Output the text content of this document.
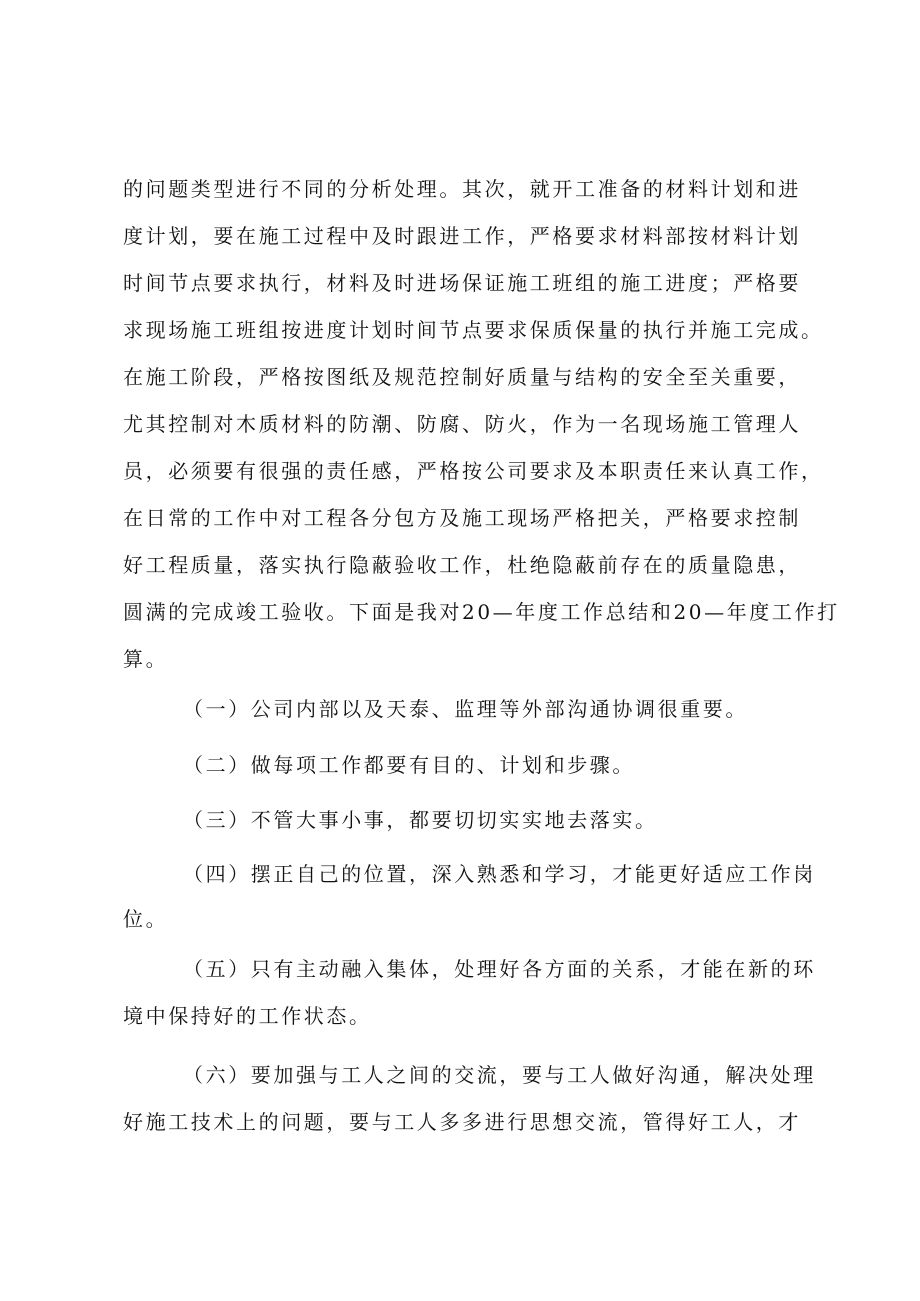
的问题类型进行不同的分析处理。其次，就开工准备的材料计划和进
度计划，要在施工过程中及时跟进工作，严格要求材料部按材料计划
时间节点要求执行，材料及时进场保证施工班组的施工进度；严格要
求现场施工班组按进度计划时间节点要求保质保量的执行并施工完成。
在施工阶段，严格按图纸及规范控制好质量与结构的安全至关重要，
尤其控制对木质材料的防潮、防腐、防火，作为一名现场施工管理人
员，必须要有很强的责任感，严格按公司要求及本职责任来认真工作，
在日常的工作中对工程各分包方及施工现场严格把关，严格要求控制
好工程质量，落实执行隐蔽验收工作，杜绝隐蔽前存在的质量隐患，
圆满的完成竣工验收。下面是我对20—年度工作总结和20—年度工作打
算。
（一）公司内部以及天泰、监理等外部沟通协调很重要。
（二）做每项工作都要有目的、计划和步骤。
（三）不管大事小事，都要切切实实地去落实。
（四）摆正自己的位置，深入熟悉和学习，才能更好适应工作岗
位。
（五）只有主动融入集体，处理好各方面的关系，才能在新的环
境中保持好的工作状态。
（六）要加强与工人之间的交流，要与工人做好沟通，解决处理
好施工技术上的问题，要与工人多多进行思想交流，管得好工人，才
